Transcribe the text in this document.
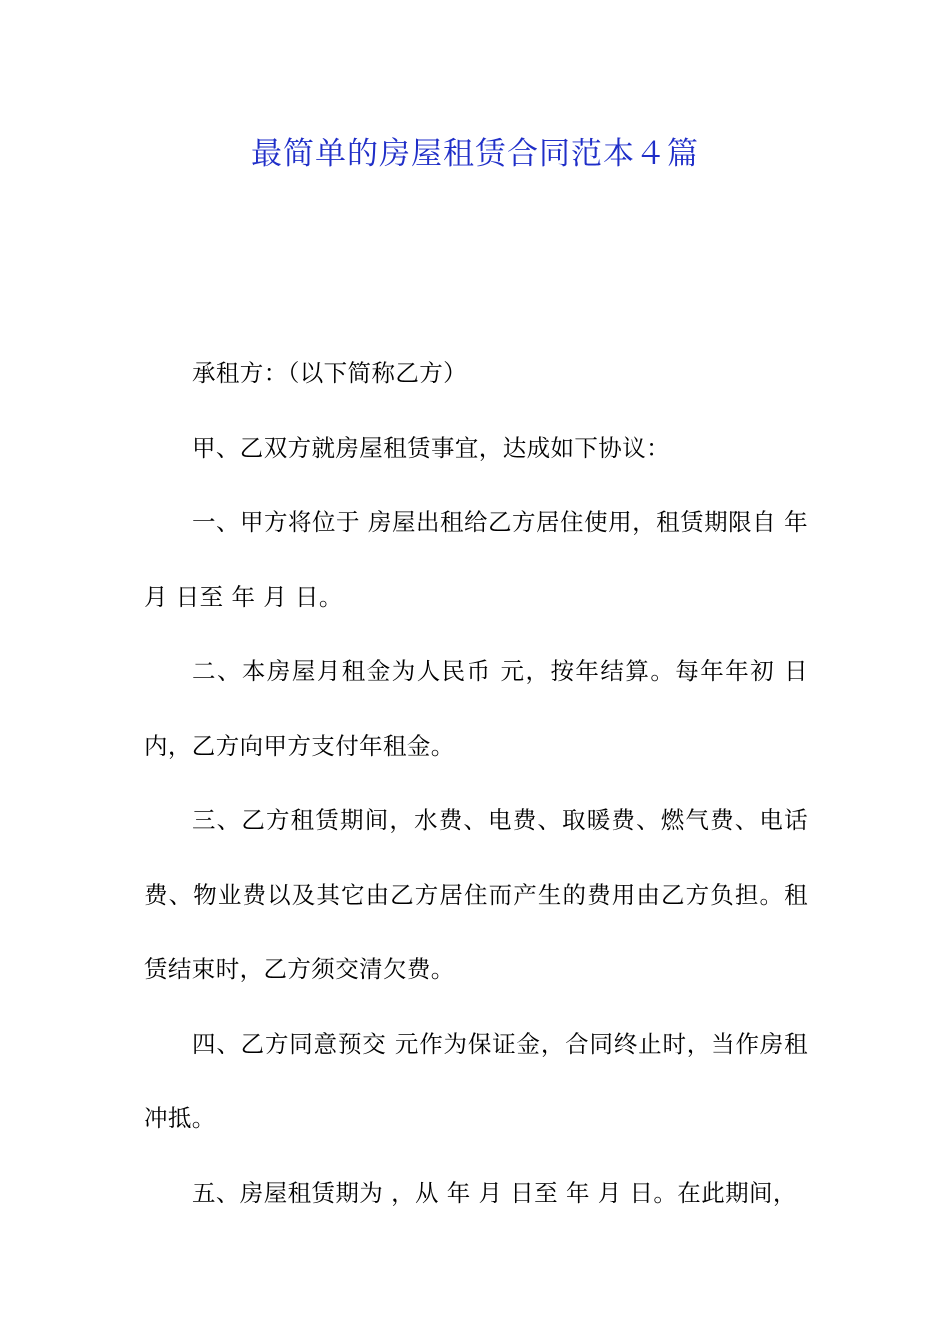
最简单的房屋租赁合同范本４篇

承租方：（以下简称乙方）

甲、乙双方就房屋租赁事宜，达成如下协议：

一、甲方将位于 房屋出租给乙方居住使用，租赁期限自 年 月 日至 年 月 日。

二、本房屋月租金为人民币 元，按年结算。每年年初 日内，乙方向甲方支付年租金。

三、乙方租赁期间，水费、电费、取暖费、燃气费、电话费、物业费以及其它由乙方居住而产生的费用由乙方负担。租赁结束时，乙方须交清欠费。

四、乙方同意预交 元作为保证金，合同终止时，当作房租冲抵。

五、房屋租赁期为 ，从 年 月 日至 年 月 日。在此期间，
